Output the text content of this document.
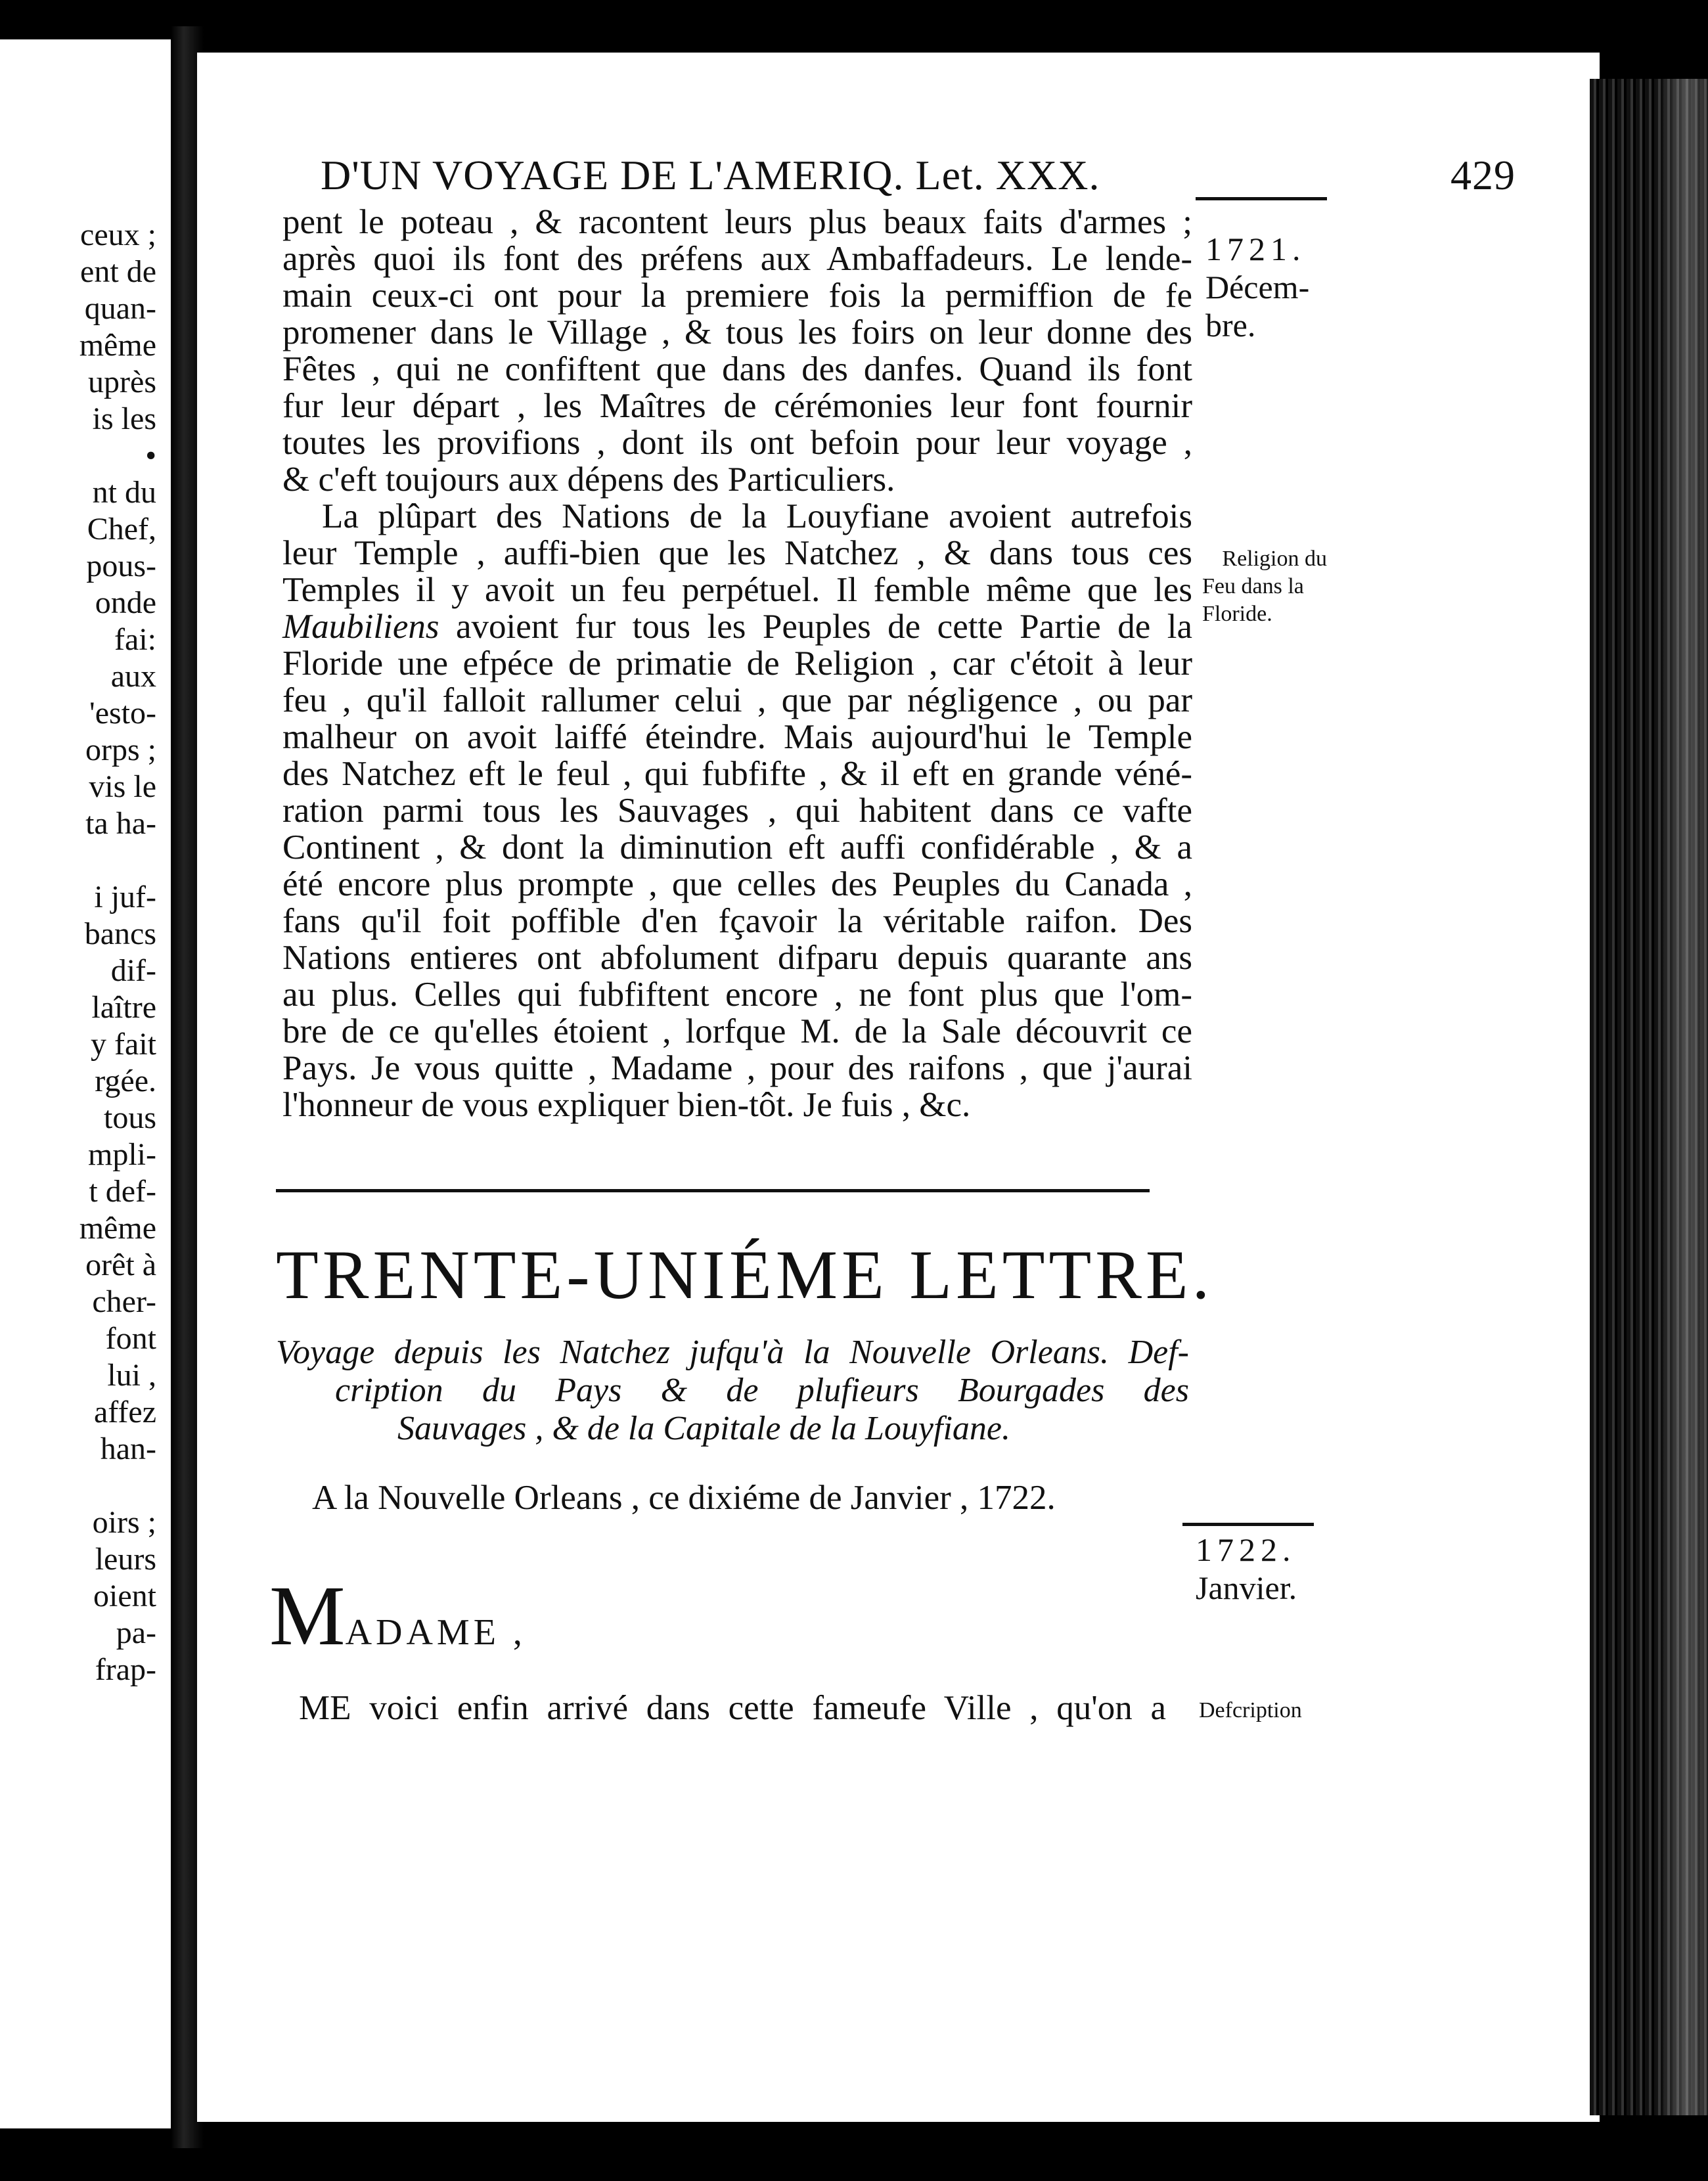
ceux ;
ent de
quan-
même
uprès
is les
•
nt du
Chef,
pous-
onde
fai:
aux
'esto-
orps ;
vis le
ta ha-
i juf-
bancs
dif-
laître
y fait
rgée.
tous
mpli-
t def-
même
orêt à
cher-
font
lui ,
affez
han-
oirs ;
leurs
oient
pa-
frap-
D'UN VOYAGE DE L'AMERIQ. Let. XXX.	429
1721.
Décem-
bre.
Religion du
Feu dans la
Floride.
pent le poteau , & racontent leurs plus beaux faits d'armes ;
après quoi ils font des préfens aux Ambaffadeurs. Le lende-
main ceux-ci ont pour la premiere fois la permiffion de fe
promener dans le Village , & tous les foirs on leur donne des
Fêtes , qui ne confiftent que dans des danfes. Quand ils font
fur leur départ , les Maîtres de cérémonies leur font fournir
toutes les provifions , dont ils ont befoin pour leur voyage ,
& c'eft toujours aux dépens des Particuliers.
La plûpart des Nations de la Louyfiane avoient autrefois
leur Temple , auffi-bien que les Natchez , & dans tous ces
Temples il y avoit un feu perpétuel. Il femble même que les
Maubiliens avoient fur tous les Peuples de cette Partie de la
Floride une efpéce de primatie de Religion , car c'étoit à leur
feu , qu'il falloit rallumer celui , que par négligence , ou par
malheur on avoit laiffé éteindre. Mais aujourd'hui le Temple
des Natchez eft le feul , qui fubfifte , & il eft en grande véné-
ration parmi tous les Sauvages , qui habitent dans ce vafte
Continent , & dont la diminution eft auffi confidérable , & a
été encore plus prompte , que celles des Peuples du Canada ,
fans qu'il foit poffible d'en fçavoir la véritable raifon. Des
Nations entieres ont abfolument difparu depuis quarante ans
au plus. Celles qui fubfiftent encore , ne font plus que l'om-
bre de ce qu'elles étoient , lorfque M. de la Sale découvrit ce
Pays. Je vous quitte , Madame , pour des raifons , que j'aurai
l'honneur de vous expliquer bien-tôt. Je fuis , &c.
TRENTE-UNIÉME LETTRE.
Voyage depuis les Natchez jufqu'à la Nouvelle Orleans. Def-
cription du Pays & de plufieurs Bourgades des
Sauvages , & de la Capitale de la Louyfiane.
A la Nouvelle Orleans , ce dixiéme de Janvier , 1722.
1722.
Janvier.
MADAME ,
ME voici enfin arrivé dans cette fameufe Ville , qu'on a Defcription
